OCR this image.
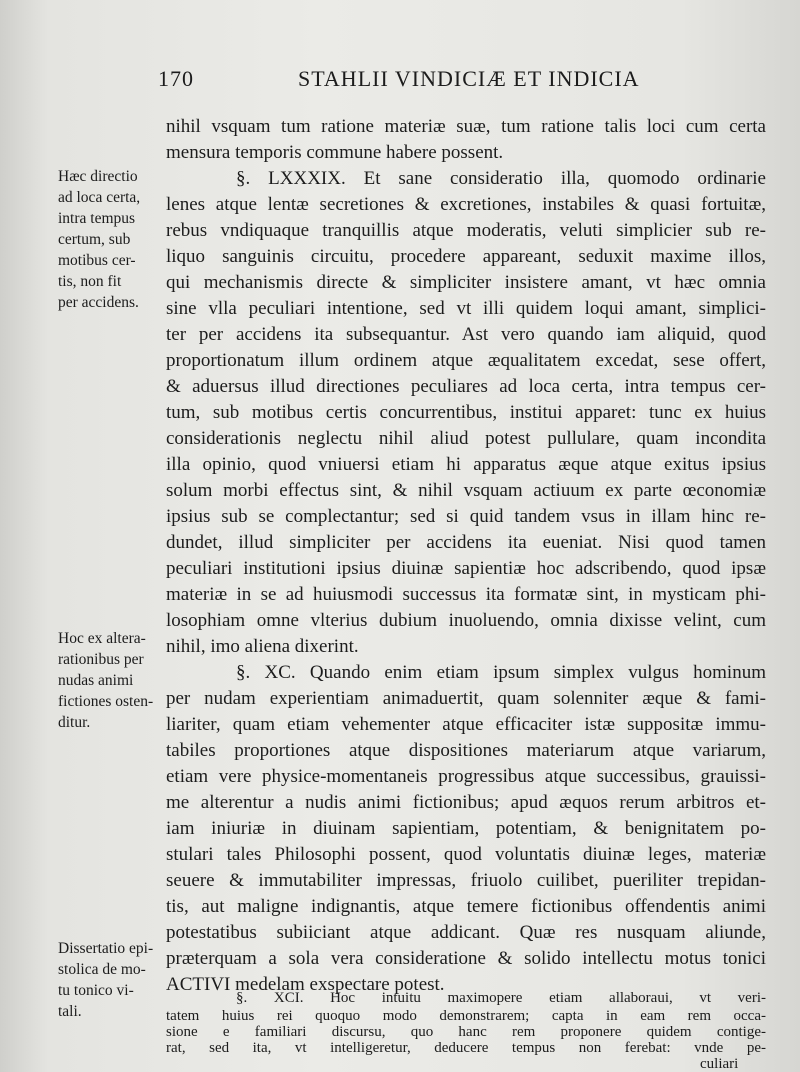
170	STAHLII VINDICIÆ ET INDICIA
Hæc directio
ad loca certa,
intra tempus
certum, sub
motibus cer-
tis, non fit
per accidens.
Hoc ex altera-
rationibus per
nudas animi
fictiones osten-
ditur.
Dissertatio epi-
stolica de mo-
tu tonico vi-
tali.
nihil vsquam tum ratione materiæ suæ, tum ratione talis loci cum certa
mensura temporis commune habere possent.
§. LXXXIX. Et sane consideratio illa, quomodo ordinarie
lenes atque lentæ secretiones & excretiones, instabiles & quasi fortuitæ,
rebus vndiquaque tranquillis atque moderatis, veluti simplicier sub re-
liquo sanguinis circuitu, procedere appareant, seduxit maxime illos,
qui mechanismis directe & simpliciter insistere amant, vt hæc omnia
sine vlla peculiari intentione, sed vt illi quidem loqui amant, simplici-
ter per accidens ita subsequantur. Ast vero quando iam aliquid, quod
proportionatum illum ordinem atque æqualitatem excedat, sese offert,
& aduersus illud directiones peculiares ad loca certa, intra tempus cer-
tum, sub motibus certis concurrentibus, institui apparet: tunc ex huius
considerationis neglectu nihil aliud potest pullulare, quam incondita
illa opinio, quod vniuersi etiam hi apparatus æque atque exitus ipsius
solum morbi effectus sint, & nihil vsquam actiuum ex parte œconomiæ
ipsius sub se complectantur; sed si quid tandem vsus in illam hinc re-
dundet, illud simpliciter per accidens ita eueniat. Nisi quod tamen
peculiari institutioni ipsius diuinæ sapientiæ hoc adscribendo, quod ipsæ
materiæ in se ad huiusmodi successus ita formatæ sint, in mysticam phi-
losophiam omne vlterius dubium inuoluendo, omnia dixisse velint, cum
nihil, imo aliena dixerint.
§. XC. Quando enim etiam ipsum simplex vulgus hominum
per nudam experientiam animaduertit, quam solenniter æque & fami-
liariter, quam etiam vehementer atque efficaciter istæ suppositæ immu-
tabiles proportiones atque dispositiones materiarum atque variarum,
etiam vere physice-momentaneis progressibus atque successibus, grauissi-
me alterentur a nudis animi fictionibus; apud æquos rerum arbitros et-
iam iniuriæ in diuinam sapientiam, potentiam, & benignitatem po-
stulari tales Philosophi possent, quod voluntatis diuinæ leges, materiæ
seuere & immutabiliter impressas, friuolo cuilibet, pueriliter trepidan-
tis, aut maligne indignantis, atque temere fictionibus offendentis animi
potestatibus subiiciant atque addicant. Quæ res nusquam aliunde,
præterquam a sola vera consideratione & solido intellectu motus tonici
ACTIVI medelam exspectare potest.
§. XCI. Hoc intuitu maximopere etiam allaboraui, vt veri-
tatem huius rei quoquo modo demonstrarem; capta in eam rem occa-
sione e familiari discursu, quo hanc rem proponere quidem contige-
rat, sed ita, vt intelligeretur, deducere tempus non ferebat: vnde pe-
culiari
